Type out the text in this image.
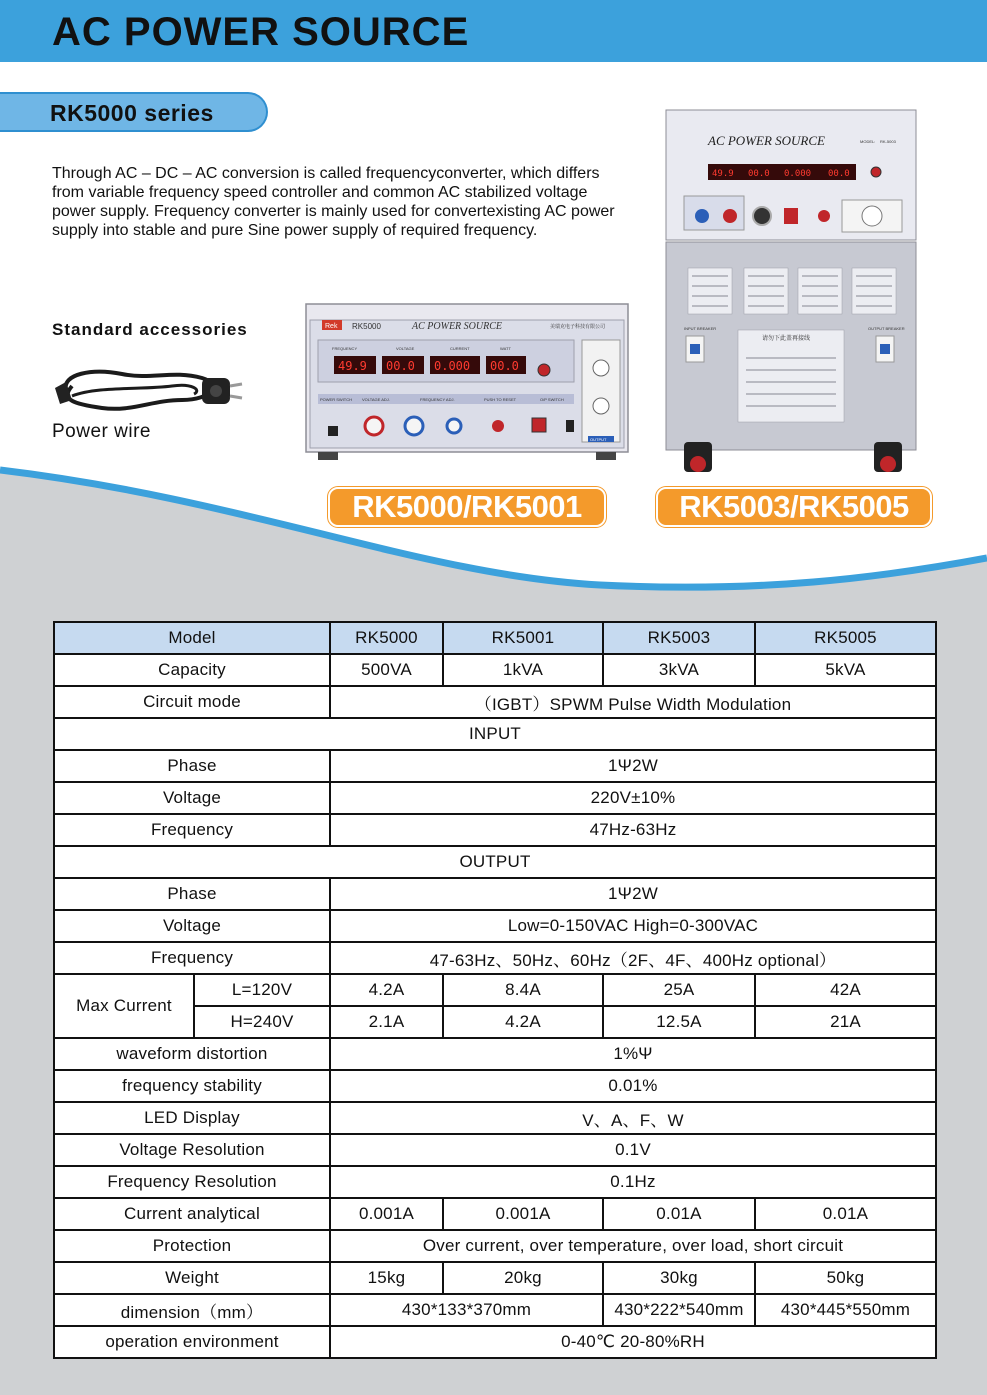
AC POWER SOURCE
RK5000 series

Through AC – DC – AC conversion is called frequencyconverter, which differs from variable frequency speed controller and common AC stabilized voltage power supply. Frequency converter is mainly used for convertexisting AC power supply into stable and pure Sine power supply of required frequency.

Standard accessories
Power wire
Rek RK5000	AC POWER SOURCE	美瑞克电子科技有限公司
FREQUENCY	VOLTAGE	CURRENT	WATT
49.9 00.0 0.000 00.0
POWER SWITCH	VOLTAGE ADJ.	FREQUENCY ADJ.	PUSH TO RESET	O/P SWITCH
OUTPUT
AC POWER SOURCE	MODEL: RK-5003
49.9 00.0 0.000 00.0
请勿下此盖再接线
INPUT BREAKER	OUTPUT BREAKER
RK5000/RK5001	RK5003/RK5005
Model		RK5000	RK5001	RK5003	RK5005
Capacity		500VA	1kVA	3kVA	5kVA
Circuit mode		（IGBT）SPWM Pulse Width Modulation			
INPUT					
Phase		1Ψ2W			
Voltage		220V±10%			
Frequency		47Hz-63Hz			
OUTPUT					
Phase		1Ψ2W			
Voltage		Low=0-150VAC High=0-300VAC			
Frequency		47-63Hz、50Hz、60Hz（2F、4F、400Hz optional）			
Max Current	L=120V	4.2A	8.4A	25A	42A
	H=240V	2.1A	4.2A	12.5A	21A
waveform distortion		1%Ψ			
frequency stability		0.01%			
LED Display		V、A、F、W			
Voltage Resolution		0.1V			
Frequency Resolution		0.1Hz			
Current analytical		0.001A	0.001A	0.01A	0.01A
Protection		Over current, over temperature, over load, short circuit			
Weight		15kg	20kg	30kg	50kg
dimension（mm）		430*133*370mm		430*222*540mm	430*445*550mm
operation environment		0-40℃ 20-80%RH			
